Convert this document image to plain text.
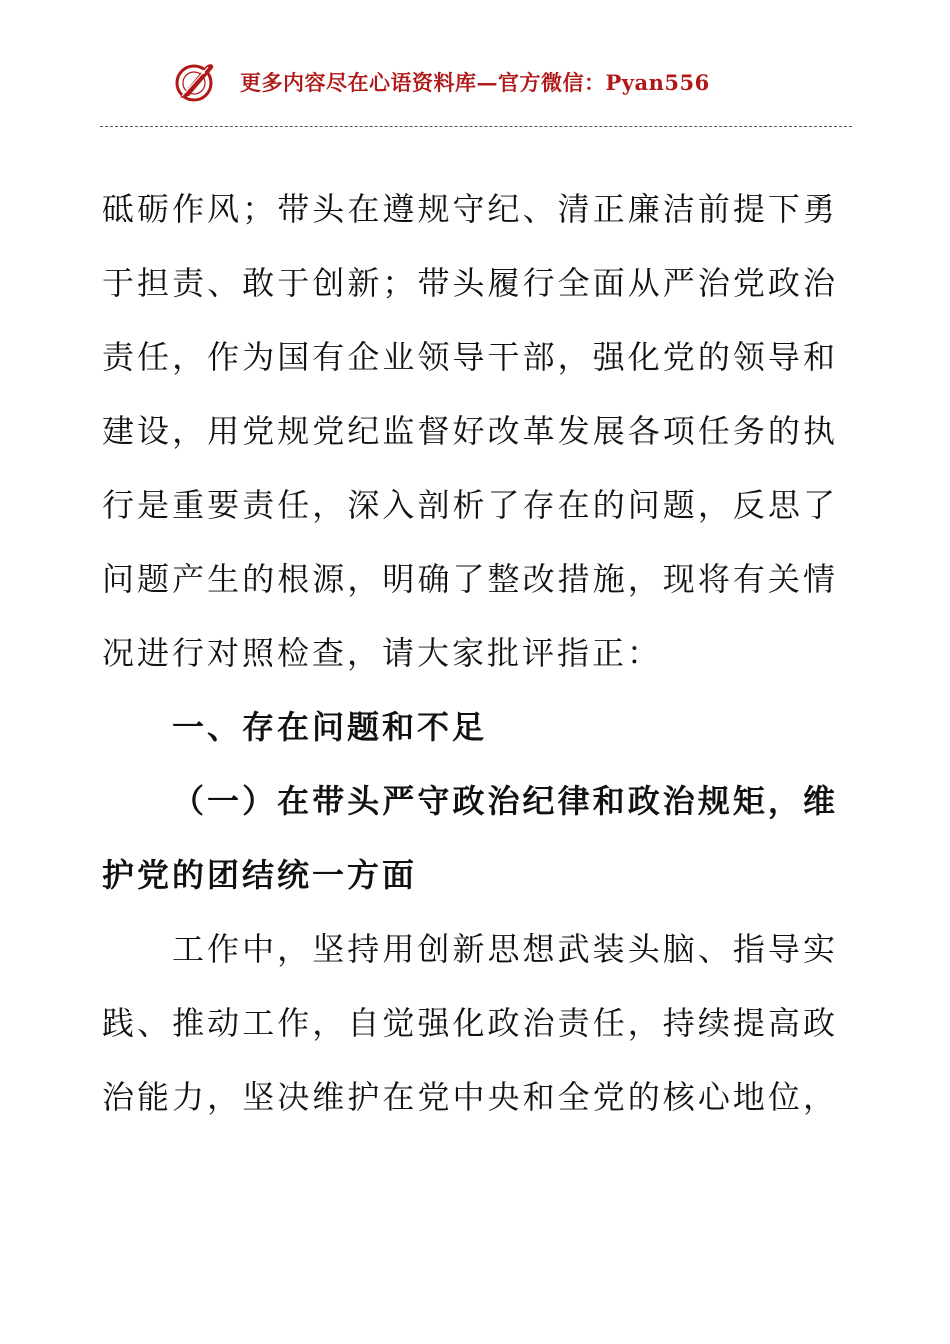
更多内容尽在心语资料库—官方微信：Pyan556
砥砺作风；带头在遵规守纪、清正廉洁前提下勇
于担责、敢于创新；带头履行全面从严治党政治
责任，作为国有企业领导干部，强化党的领导和
建设，用党规党纪监督好改革发展各项任务的执
行是重要责任，深入剖析了存在的问题，反思了
问题产生的根源，明确了整改措施，现将有关情
况进行对照检查，请大家批评指正：
一、存在问题和不足
（一）在带头严守政治纪律和政治规矩，维
护党的团结统一方面
工作中，坚持用创新思想武装头脑、指导实
践、推动工作，自觉强化政治责任，持续提高政
治能力，坚决维护在党中央和全党的核心地位，
